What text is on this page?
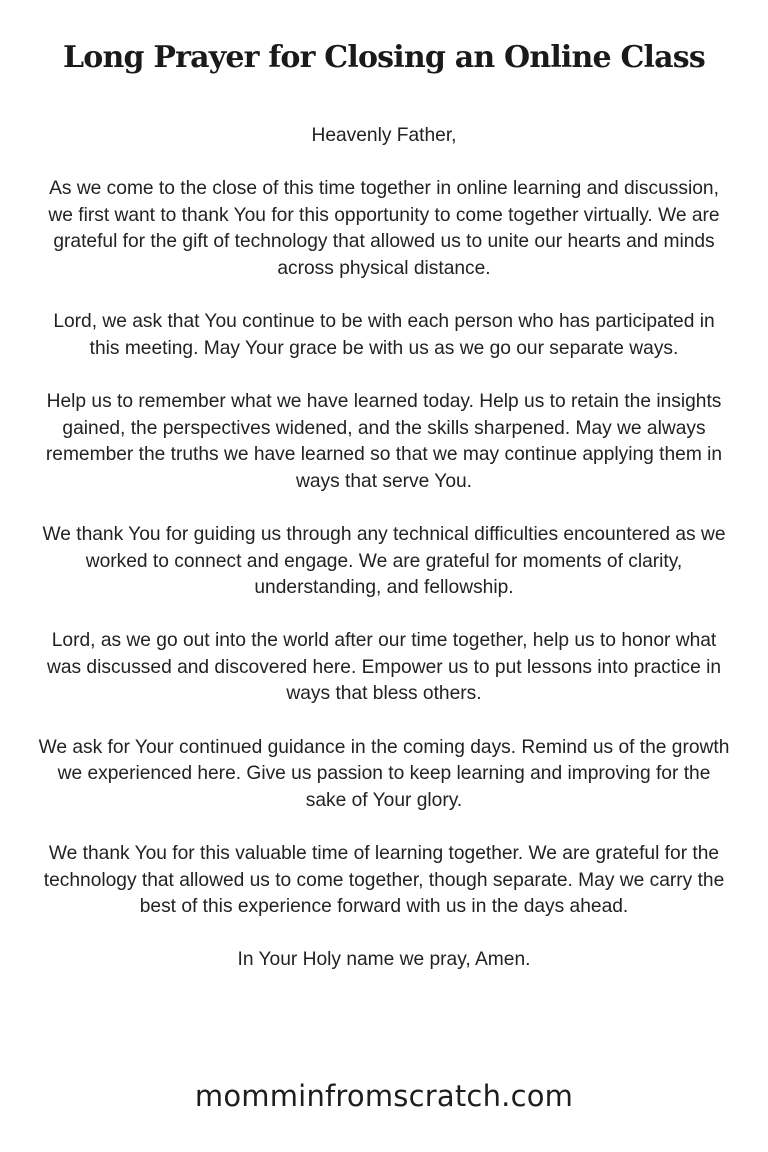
Long Prayer for Closing an Online Class

Heavenly Father,

As we come to the close of this time together in online learning and discussion, we first want to thank You for this opportunity to come together virtually. We are grateful for the gift of technology that allowed us to unite our hearts and minds across physical distance.

Lord, we ask that You continue to be with each person who has participated in this meeting. May Your grace be with us as we go our separate ways.

Help us to remember what we have learned today. Help us to retain the insights gained, the perspectives widened, and the skills sharpened. May we always remember the truths we have learned so that we may continue applying them in ways that serve You.

We thank You for guiding us through any technical difficulties encountered as we worked to connect and engage. We are grateful for moments of clarity, understanding, and fellowship.

Lord, as we go out into the world after our time together, help us to honor what was discussed and discovered here. Empower us to put lessons into practice in ways that bless others.

We ask for Your continued guidance in the coming days. Remind us of the growth we experienced here. Give us passion to keep learning and improving for the sake of Your glory.

We thank You for this valuable time of learning together. We are grateful for the technology that allowed us to come together, though separate. May we carry the best of this experience forward with us in the days ahead.

In Your Holy name we pray, Amen.

momminfromscratch.com
